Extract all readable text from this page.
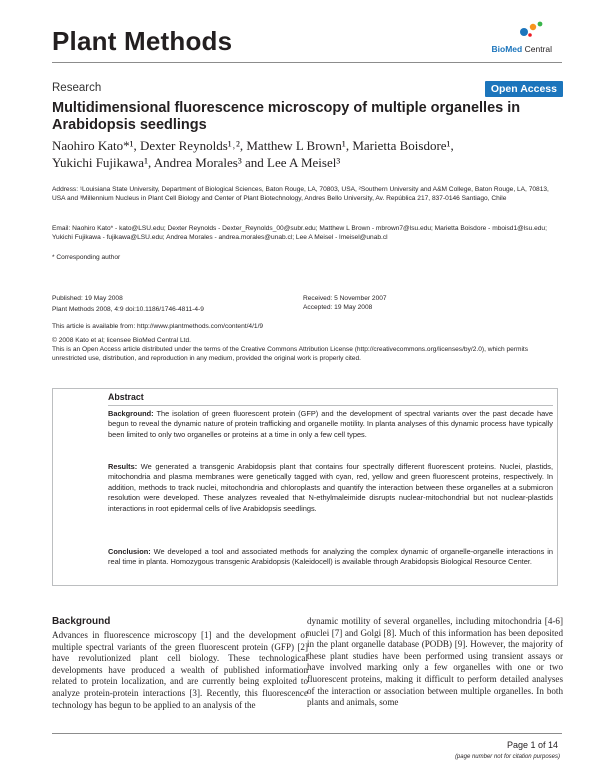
Plant Methods	BioMed Central
Research	Open Access
Multidimensional fluorescence microscopy of multiple organelles in Arabidopsis seedlings
Naohiro Kato*¹, Dexter Reynolds¹˒², Matthew L Brown¹, Marietta Boisdore¹,
Yukichi Fujikawa¹, Andrea Morales³ and Lee A Meisel³
Address: ¹Louisiana State University, Department of Biological Sciences, Baton Rouge, LA, 70803, USA, ²Southern University and A&M College, Baton Rouge, LA, 70813, USA and ³Millennium Nucleus in Plant Cell Biology and Center of Plant Biotechnology, Andres Bello University, Av. República 217, 837-0146 Santiago, Chile
Email: Naohiro Kato* - kato@LSU.edu; Dexter Reynolds - Dexter_Reynolds_00@subr.edu; Matthew L Brown - mbrown7@lsu.edu; Marietta Boisdore - mboisd1@lsu.edu; Yukichi Fujikawa - fujikawa@LSU.edu; Andrea Morales - andrea.morales@unab.cl; Lee A Meisel - lmeisel@unab.cl
* Corresponding author
Published: 19 May 2008
Plant Methods 2008, 4:9 doi:10.1186/1746-4811-4-9
Received: 5 November 2007
Accepted: 19 May 2008
This article is available from: http://www.plantmethods.com/content/4/1/9
© 2008 Kato et al; licensee BioMed Central Ltd.
This is an Open Access article distributed under the terms of the Creative Commons Attribution License (http://creativecommons.org/licenses/by/2.0), which permits unrestricted use, distribution, and reproduction in any medium, provided the original work is properly cited.
Abstract
Background: The isolation of green fluorescent protein (GFP) and the development of spectral variants over the past decade have begun to reveal the dynamic nature of protein trafficking and organelle motility. In planta analyses of this dynamic process have typically been limited to only two organelles or proteins at a time in only a few cell types.
Results: We generated a transgenic Arabidopsis plant that contains four spectrally different fluorescent proteins. Nuclei, plastids, mitochondria and plasma membranes were genetically tagged with cyan, red, yellow and green fluorescent proteins, respectively. In addition, methods to track nuclei, mitochondria and chloroplasts and quantify the interaction between these organelles at a submicron resolution were developed. These analyzes revealed that N-ethylmaleimide disrupts nuclear-mitochondrial but not nuclear-plastids interactions in root epidermal cells of live Arabidopsis seedlings.
Conclusion: We developed a tool and associated methods for analyzing the complex dynamic of organelle-organelle interactions in real time in planta. Homozygous transgenic Arabidopsis (Kaleidocell) is available through Arabidopsis Biological Resource Center.
Background
Advances in fluorescence microscopy [1] and the development of multiple spectral variants of the green fluorescent protein (GFP) [2] have revolutionized plant cell biology. These technological developments have produced a wealth of published information related to protein localization, and are currently being exploited to analyze protein-protein interactions [3]. Recently, this fluorescence technology has begun to be applied to an analysis of the
dynamic motility of several organelles, including mitochondria [4-6] nuclei [7] and Golgi [8]. Much of this information has been deposited in the plant organelle database (PODB) [9]. However, the majority of these plant studies have been performed using transient assays or have involved marking only a few organelles with one or two fluorescent proteins, making it difficult to perform detailed analyses of the interaction or association between multiple organelles. In both plants and animals, some
Page 1 of 14
(page number not for citation purposes)
